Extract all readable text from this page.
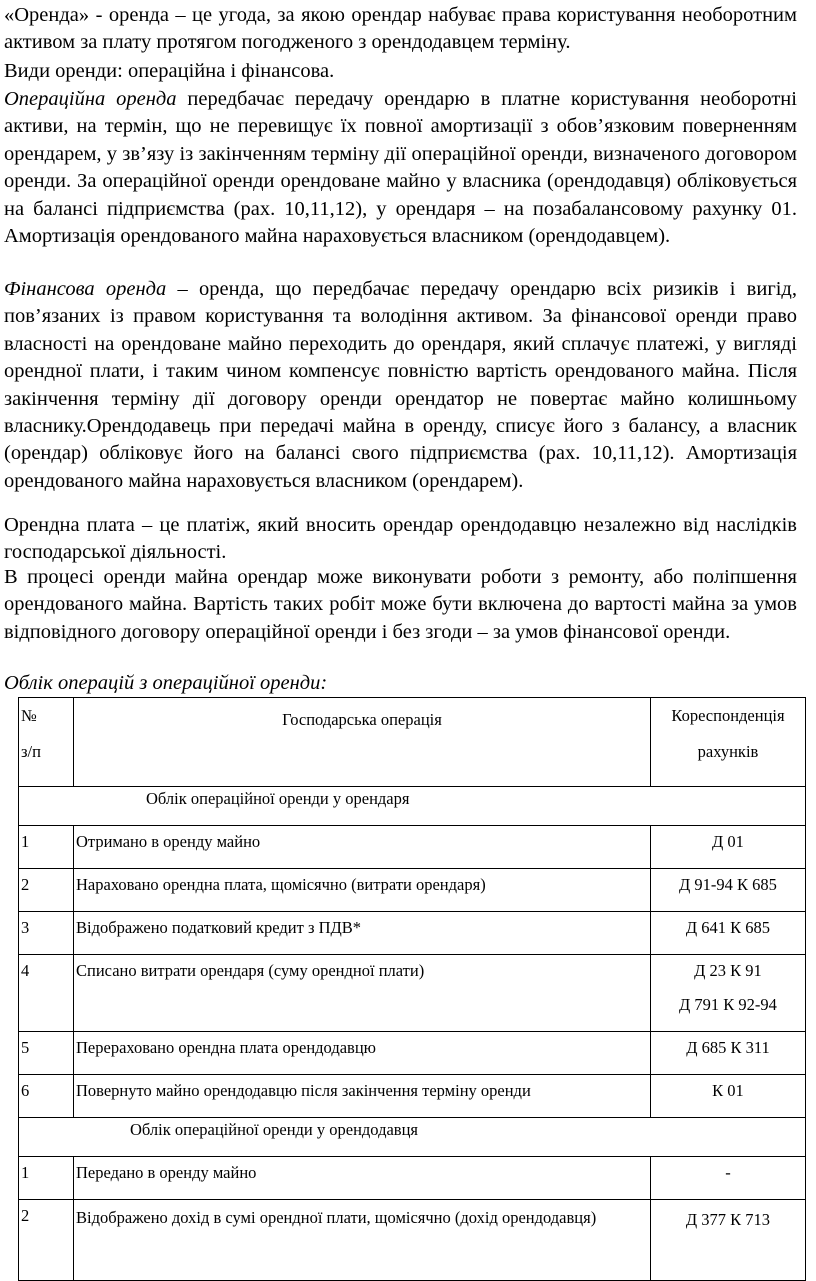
«Оренда» - оренда – це угода, за якою орендар набуває права користування необоротним активом за плату протягом погодженого з орендодавцем терміну.
Види оренди: операційна і фінансова.
Операційна оренда передбачає передачу орендарю в платне користування необоротні активи, на термін, що не перевищує їх повної амортизації з обов’язковим поверненням орендарем, у зв’язу із закінченням терміну дії операційної оренди, визначеного договором оренди. За операційної оренди орендоване майно у власника (орендодавця) обліковується на балансі підприємства (рах. 10,11,12), у орендаря – на позабалансовому рахунку 01. Амортизація орендованого майна нараховується власником (орендодавцем).
Фінансова оренда – оренда, що передбачає передачу орендарю всіх ризиків і вигід, пов’язаних із правом користування та володіння активом. За фінансової оренди право власності на орендоване майно переходить до орендаря, який сплачує платежі, у вигляді орендної плати, і таким чином компенсує повністю вартість орендованого майна. Після закінчення терміну дії договору оренди орендатор не повертає майно колишньому власнику.Орендодавець при передачі майна в оренду, списує його з балансу, а власник (орендар) обліковує його на балансі свого підприємства (рах. 10,11,12). Амортизація орендованого майна нараховується власником (орендарем).
Орендна плата – це платіж, який вносить орендар орендодавцю незалежно від наслідків господарської діяльності.
В процесі оренди майна орендар може виконувати роботи з ремонту, або поліпшення орендованого майна. Вартість таких робіт може бути включена до вартості майна за умов відповідного договору операційної оренди і без згоди – за умов фінансової оренди.
Облік операцій з операційної оренди:
№
з/п	Господарська операція	Кореспонденція
рахунків

Облік операційної оренди у орендаря		

1	Отримано в оренду майно	Д 01
2	Нараховано орендна плата, щомісячно (витрати орендаря)	Д 91-94 К 685
3	Відображено податковий кредит з ПДВ*	Д 641 К 685
4	Списано витрати орендаря (суму орендної плати)	Д 23 К 91
Д 791 К 92-94

5	Перераховано орендна плата орендодавцю	Д 685 К 311
6	Повернуто майно орендодавцю після закінчення терміну оренди	К 01

Облік операційної оренди у орендодавця		

1	Передано в оренду майно	-
2	Відображено дохід в сумі орендної плати, щомісячно (дохід орендодавця)	Д 377 К 713
